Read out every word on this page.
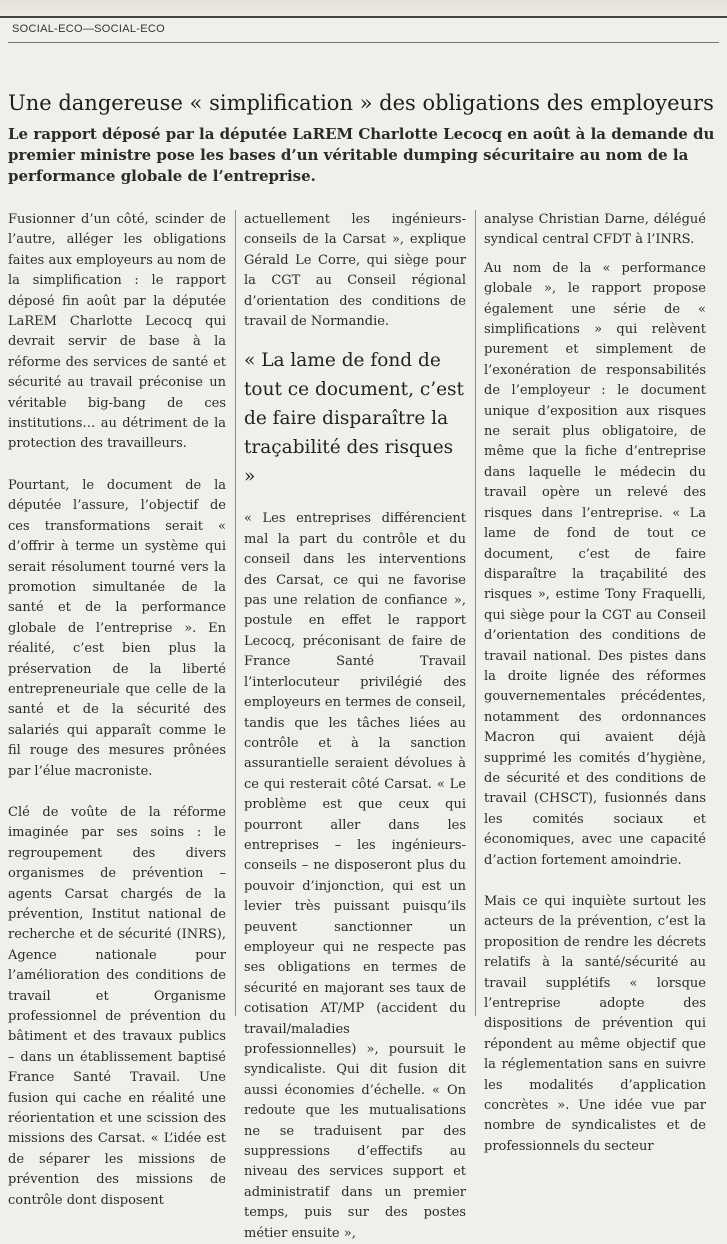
SOCIAL-ECO—SOCIAL-ECO
Une dangereuse « simplification » des obligations des employeurs
Le rapport déposé par la députée LaREM Charlotte Lecocq en août à la demande du premier ministre pose les bases d’un véritable dumping sécuritaire au nom de la performance globale de l’entreprise.

Fusionner d’un côté, scinder de l’autre, alléger les obligations faites aux employeurs au nom de la simplification : le rapport déposé fin août par la députée LaREM Charlotte Lecocq qui devrait servir de base à la réforme des services de santé et sécurité au travail préconise un véritable big-bang de ces institutions… au détriment de la protection des travailleurs.

Pourtant, le document de la députée l’assure, l’objectif de ces transformations serait « d’offrir à terme un système qui serait résolument tourné vers la promotion simultanée de la santé et de la performance globale de l’entreprise ». En réalité, c’est bien plus la préservation de la liberté entrepreneuriale que celle de la santé et de la sécurité des salariés qui apparaît comme le fil rouge des mesures prônées par l’élue macroniste.

Clé de voûte de la réforme imaginée par ses soins : le regroupement des divers organismes de prévention – agents Carsat chargés de la prévention, Institut national de recherche et de sécurité (INRS), Agence nationale pour l’amélioration des conditions de travail et Organisme professionnel de prévention du bâtiment et des travaux publics – dans un établissement baptisé France Santé Travail. Une fusion qui cache en réalité une réorientation et une scission des missions des Carsat. « L’idée est de séparer les missions de prévention des missions de contrôle dont disposent

actuellement les ingénieurs-conseils de la Carsat », explique Gérald Le Corre, qui siège pour la CGT au Conseil régional d’orientation des conditions de travail de Normandie.

« La lame de fond de tout ce document, c’est de faire disparaître la traçabilité des risques »

« Les entreprises différencient mal la part du contrôle et du conseil dans les interventions des Carsat, ce qui ne favorise pas une relation de confiance », postule en effet le rapport Lecocq, préconisant de faire de France Santé Travail l’interlocuteur privilégié des employeurs en termes de conseil, tandis que les tâches liées au contrôle et à la sanction assurantielle seraient dévolues à ce qui resterait côté Carsat. « Le problème est que ceux qui pourront aller dans les entreprises – les ingénieurs-conseils – ne disposeront plus du pouvoir d’injonction, qui est un levier très puissant puisqu’ils peuvent sanctionner un employeur qui ne respecte pas ses obligations en termes de sécurité en majorant ses taux de cotisation AT/MP (accident du travail/maladies professionnelles) », poursuit le syndicaliste. Qui dit fusion dit aussi économies d’échelle. « On redoute que les mutualisations ne se traduisent par des suppressions d’effectifs au niveau des services support et administratif dans un premier temps, puis sur des postes métier ensuite »,

analyse Christian Darne, délégué syndical central CFDT à l’INRS.

Au nom de la « performance globale », le rapport propose également une série de « simplifications » qui relèvent purement et simplement de l’exonération de responsabilités de l’employeur : le document unique d’exposition aux risques ne serait plus obligatoire, de même que la fiche d’entreprise dans laquelle le médecin du travail opère un relevé des risques dans l’entreprise. « La lame de fond de tout ce document, c’est de faire disparaître la traçabilité des risques », estime Tony Fraquelli, qui siège pour la CGT au Conseil d’orientation des conditions de travail national. Des pistes dans la droite lignée des réformes gouvernementales précédentes, notamment des ordonnances Macron qui avaient déjà supprimé les comités d’hygiène, de sécurité et des conditions de travail (CHSCT), fusionnés dans les comités sociaux et économiques, avec une capacité d’action fortement amoindrie.

Mais ce qui inquiète surtout les acteurs de la prévention, c’est la proposition de rendre les décrets relatifs à la santé/sécurité au travail supplétifs « lorsque l’entreprise adopte des dispositions de prévention qui répondent au même objectif que la réglementation sans en suivre les modalités d’application concrètes ». Une idée vue par nombre de syndicalistes et de professionnels du secteur
